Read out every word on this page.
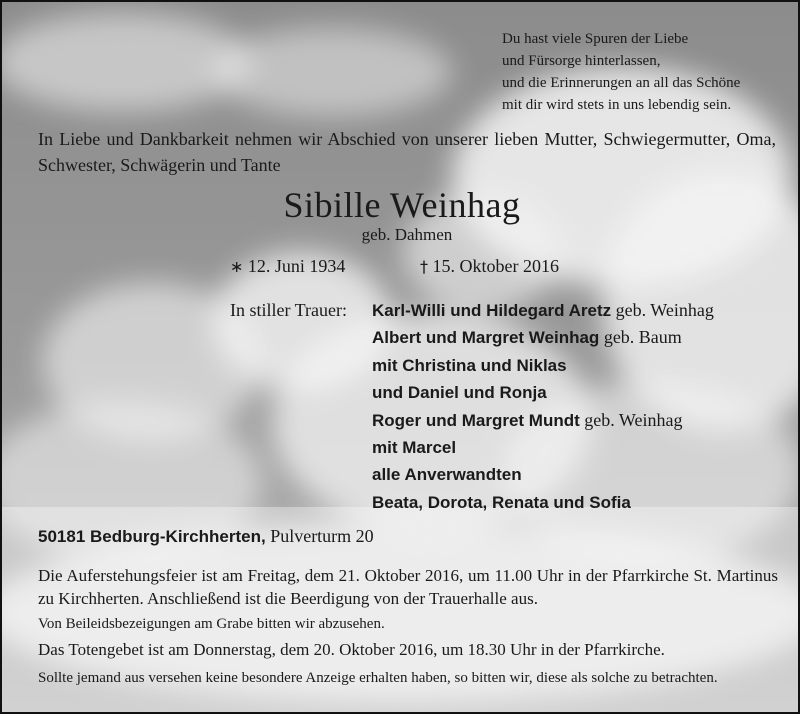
Du hast viele Spuren der Liebe
und Fürsorge hinterlassen,
und die Erinnerungen an all das Schöne
mit dir wird stets in uns lebendig sein.
In Liebe und Dankbarkeit nehmen wir Abschied von unserer lieben Mutter, Schwiegermutter, Oma, Schwester, Schwägerin und Tante
Sibille Weinhag
geb. Dahmen
∗ 12. Juni 1934	† 15. Oktober 2016
In stiller Trauer: Karl-Willi und Hildegard Aretz geb. Weinhag
Albert und Margret Weinhag geb. Baum
mit Christina und Niklas
und Daniel und Ronja
Roger und Margret Mundt geb. Weinhag
mit Marcel
alle Anverwandten
Beata, Dorota, Renata und Sofia
50181 Bedburg-Kirchherten, Pulverturm 20
Die Auferstehungsfeier ist am Freitag, dem 21. Oktober 2016, um 11.00 Uhr in der Pfarrkirche St. Martinus zu Kirchherten. Anschließend ist die Beerdigung von der Trauerhalle aus.
Von Beileidsbezeigungen am Grabe bitten wir abzusehen.
Das Totengebet ist am Donnerstag, dem 20. Oktober 2016, um 18.30 Uhr in der Pfarrkirche.
Sollte jemand aus versehen keine besondere Anzeige erhalten haben, so bitten wir, diese als solche zu betrachten.
